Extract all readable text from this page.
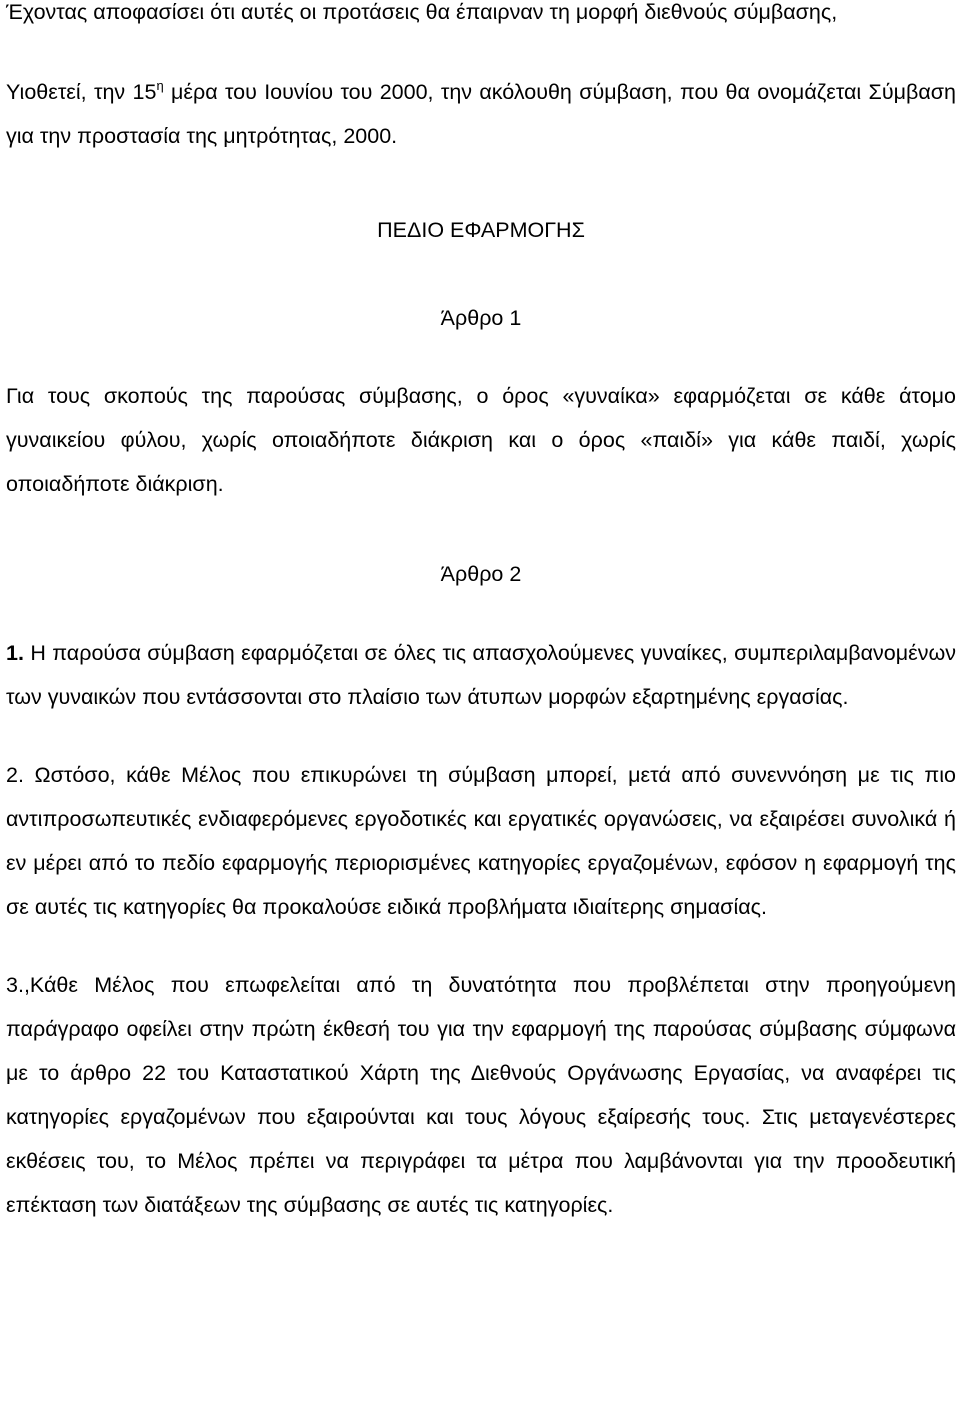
Έχοντας αποφασίσει ότι αυτές οι προτάσεις θα έπαιρναν τη μορφή διεθνούς σύμβασης,

Υιοθετεί, την $15^\eta$ μέρα του Ιουνίου του 2000, την ακόλουθη σύμβαση, που θα ονομάζεται Σύμβαση για την προστασία της μητρότητας, 2000.

ΠΕΔΙΟ ΕΦΑΡΜΟΓΗΣ
Άρθρο 1

Για τους σκοπούς της παρούσας σύμβασης, ο όρος «γυναίκα» εφαρμόζεται σε κάθε άτομο γυναικείου φύλου, χωρίς οποιαδήποτε διάκριση και ο όρος «παιδί» για κάθε παιδί, χωρίς οποιαδήποτε διάκριση.

Άρθρο 2

1. Η παρούσα σύμβαση εφαρμόζεται σε όλες τις απασχολούμενες γυναίκες, συμπεριλαμβανομένων των γυναικών που εντάσσονται στο πλαίσιο των άτυπων μορφών εξαρτημένης εργασίας.

2. Ωστόσο, κάθε Μέλος που επικυρώνει τη σύμβαση μπορεί, μετά από συνεννόηση με τις πιο αντιπροσωπευτικές ενδιαφερόμενες εργοδοτικές και εργατικές οργανώσεις, να εξαιρέσει συνολικά ή εν μέρει από το πεδίο εφαρμογής περιορισμένες κατηγορίες εργαζομένων, εφόσον η εφαρμογή της σε αυτές τις κατηγορίες θα προκαλούσε ειδικά προβλήματα ιδιαίτερης σημασίας.

3.,Κάθε Μέλος που επωφελείται από τη δυνατότητα που προβλέπεται στην προηγούμενη παράγραφο οφείλει στην πρώτη έκθεσή του για την εφαρμογή της παρούσας σύμβασης σύμφωνα με το άρθρο 22 του Καταστατικού Χάρτη της Διεθνούς Οργάνωσης Εργασίας, να αναφέρει τις κατηγορίες εργαζομένων που εξαιρούνται και τους λόγους εξαίρεσής τους. Στις μεταγενέστερες εκθέσεις του, το Μέλος πρέπει να περιγράφει τα μέτρα που λαμβάνονται για την προοδευτική επέκταση των διατάξεων της σύμβασης σε αυτές τις κατηγορίες.
